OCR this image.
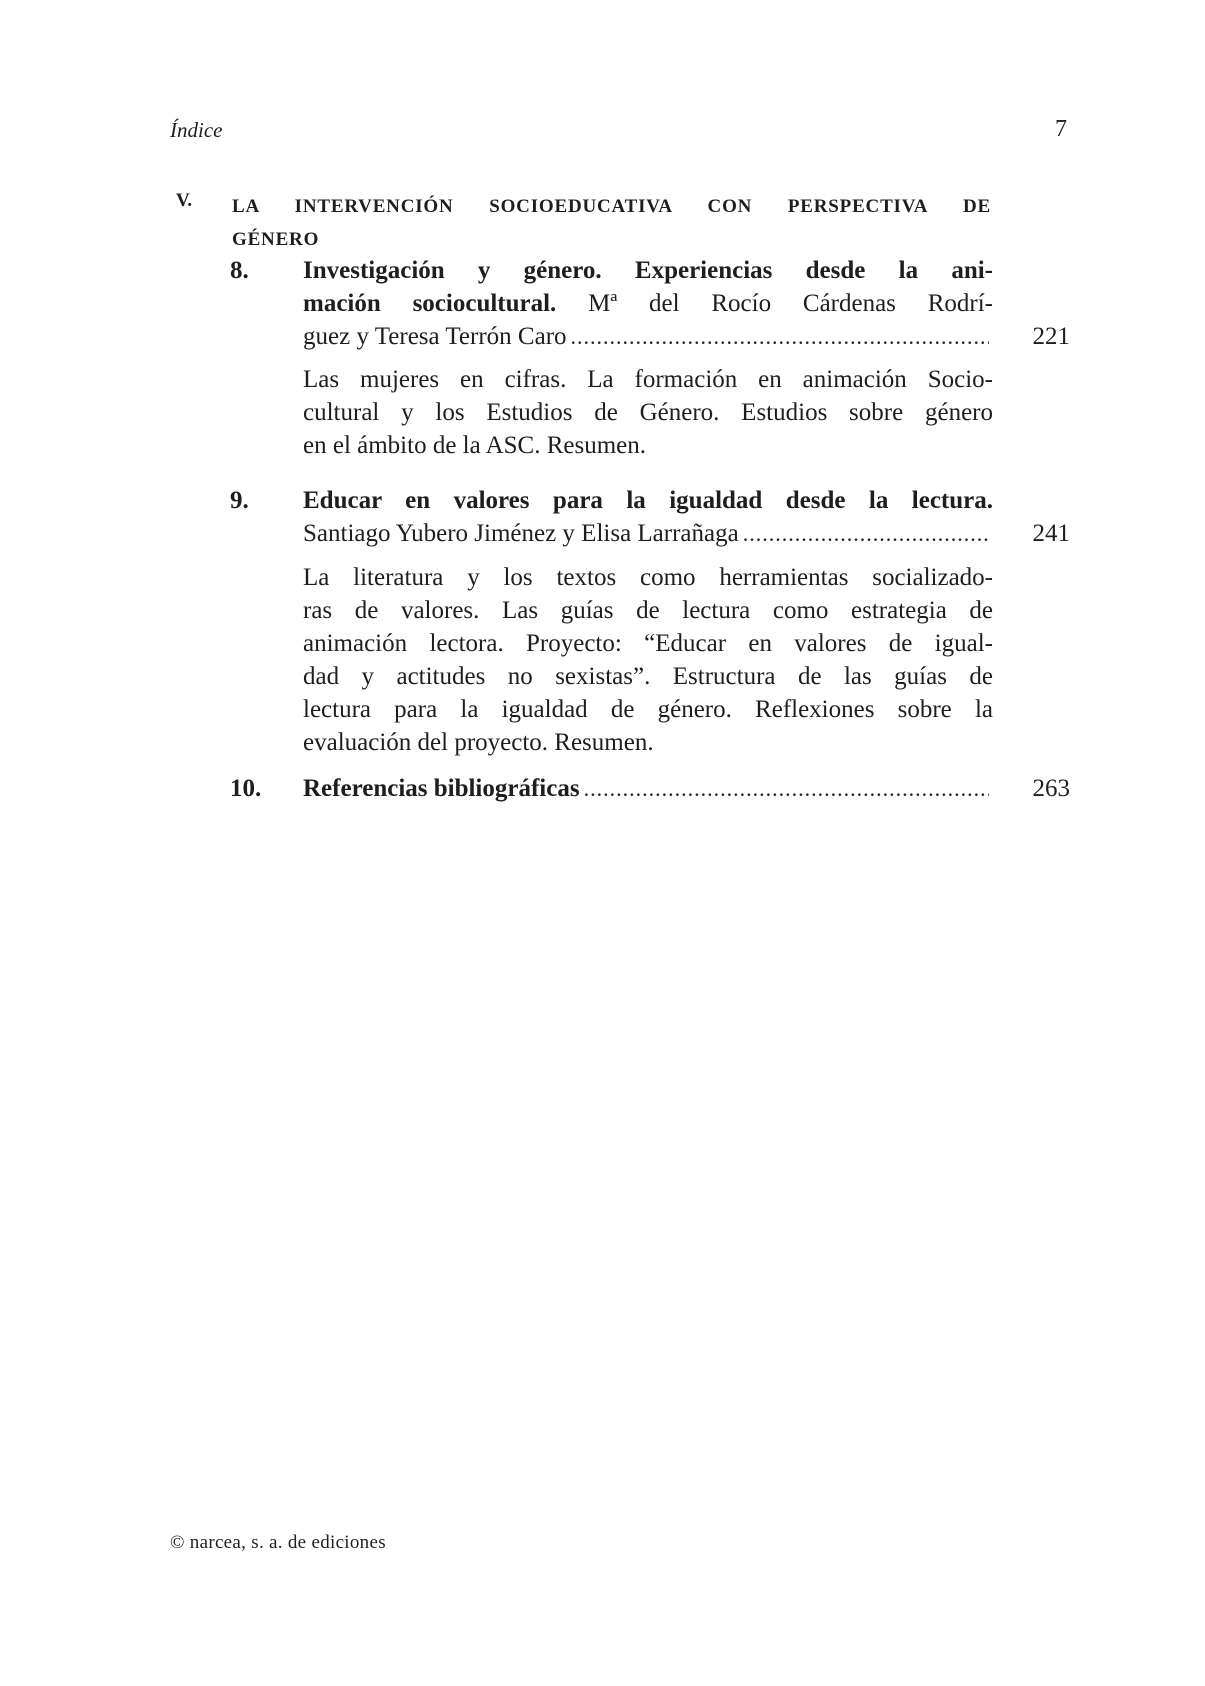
Índice	7
V. LA INTERVENCIÓN SOCIOEDUCATIVA CON PERSPECTIVA DE
GÉNERO
8. Investigación y género. Experiencias desde la ani-
mación sociocultural. Mª del Rocío Cárdenas Rodrí-
guez y Teresa Terrón Caro .....	221
Las mujeres en cifras. La formación en animación Socio-
cultural y los Estudios de Género. Estudios sobre género
en el ámbito de la ASC. Resumen.
9. Educar en valores para la igualdad desde la lectura.
Santiago Yubero Jiménez y Elisa Larrañaga .....	241
La literatura y los textos como herramientas socializado-
ras de valores. Las guías de lectura como estrategia de
animación lectora. Proyecto: “Educar en valores de igual-
dad y actitudes no sexistas”. Estructura de las guías de
lectura para la igualdad de género. Reflexiones sobre la
evaluación del proyecto. Resumen.
10. Referencias bibliográficas .....	263
© narcea, s. a. de ediciones
